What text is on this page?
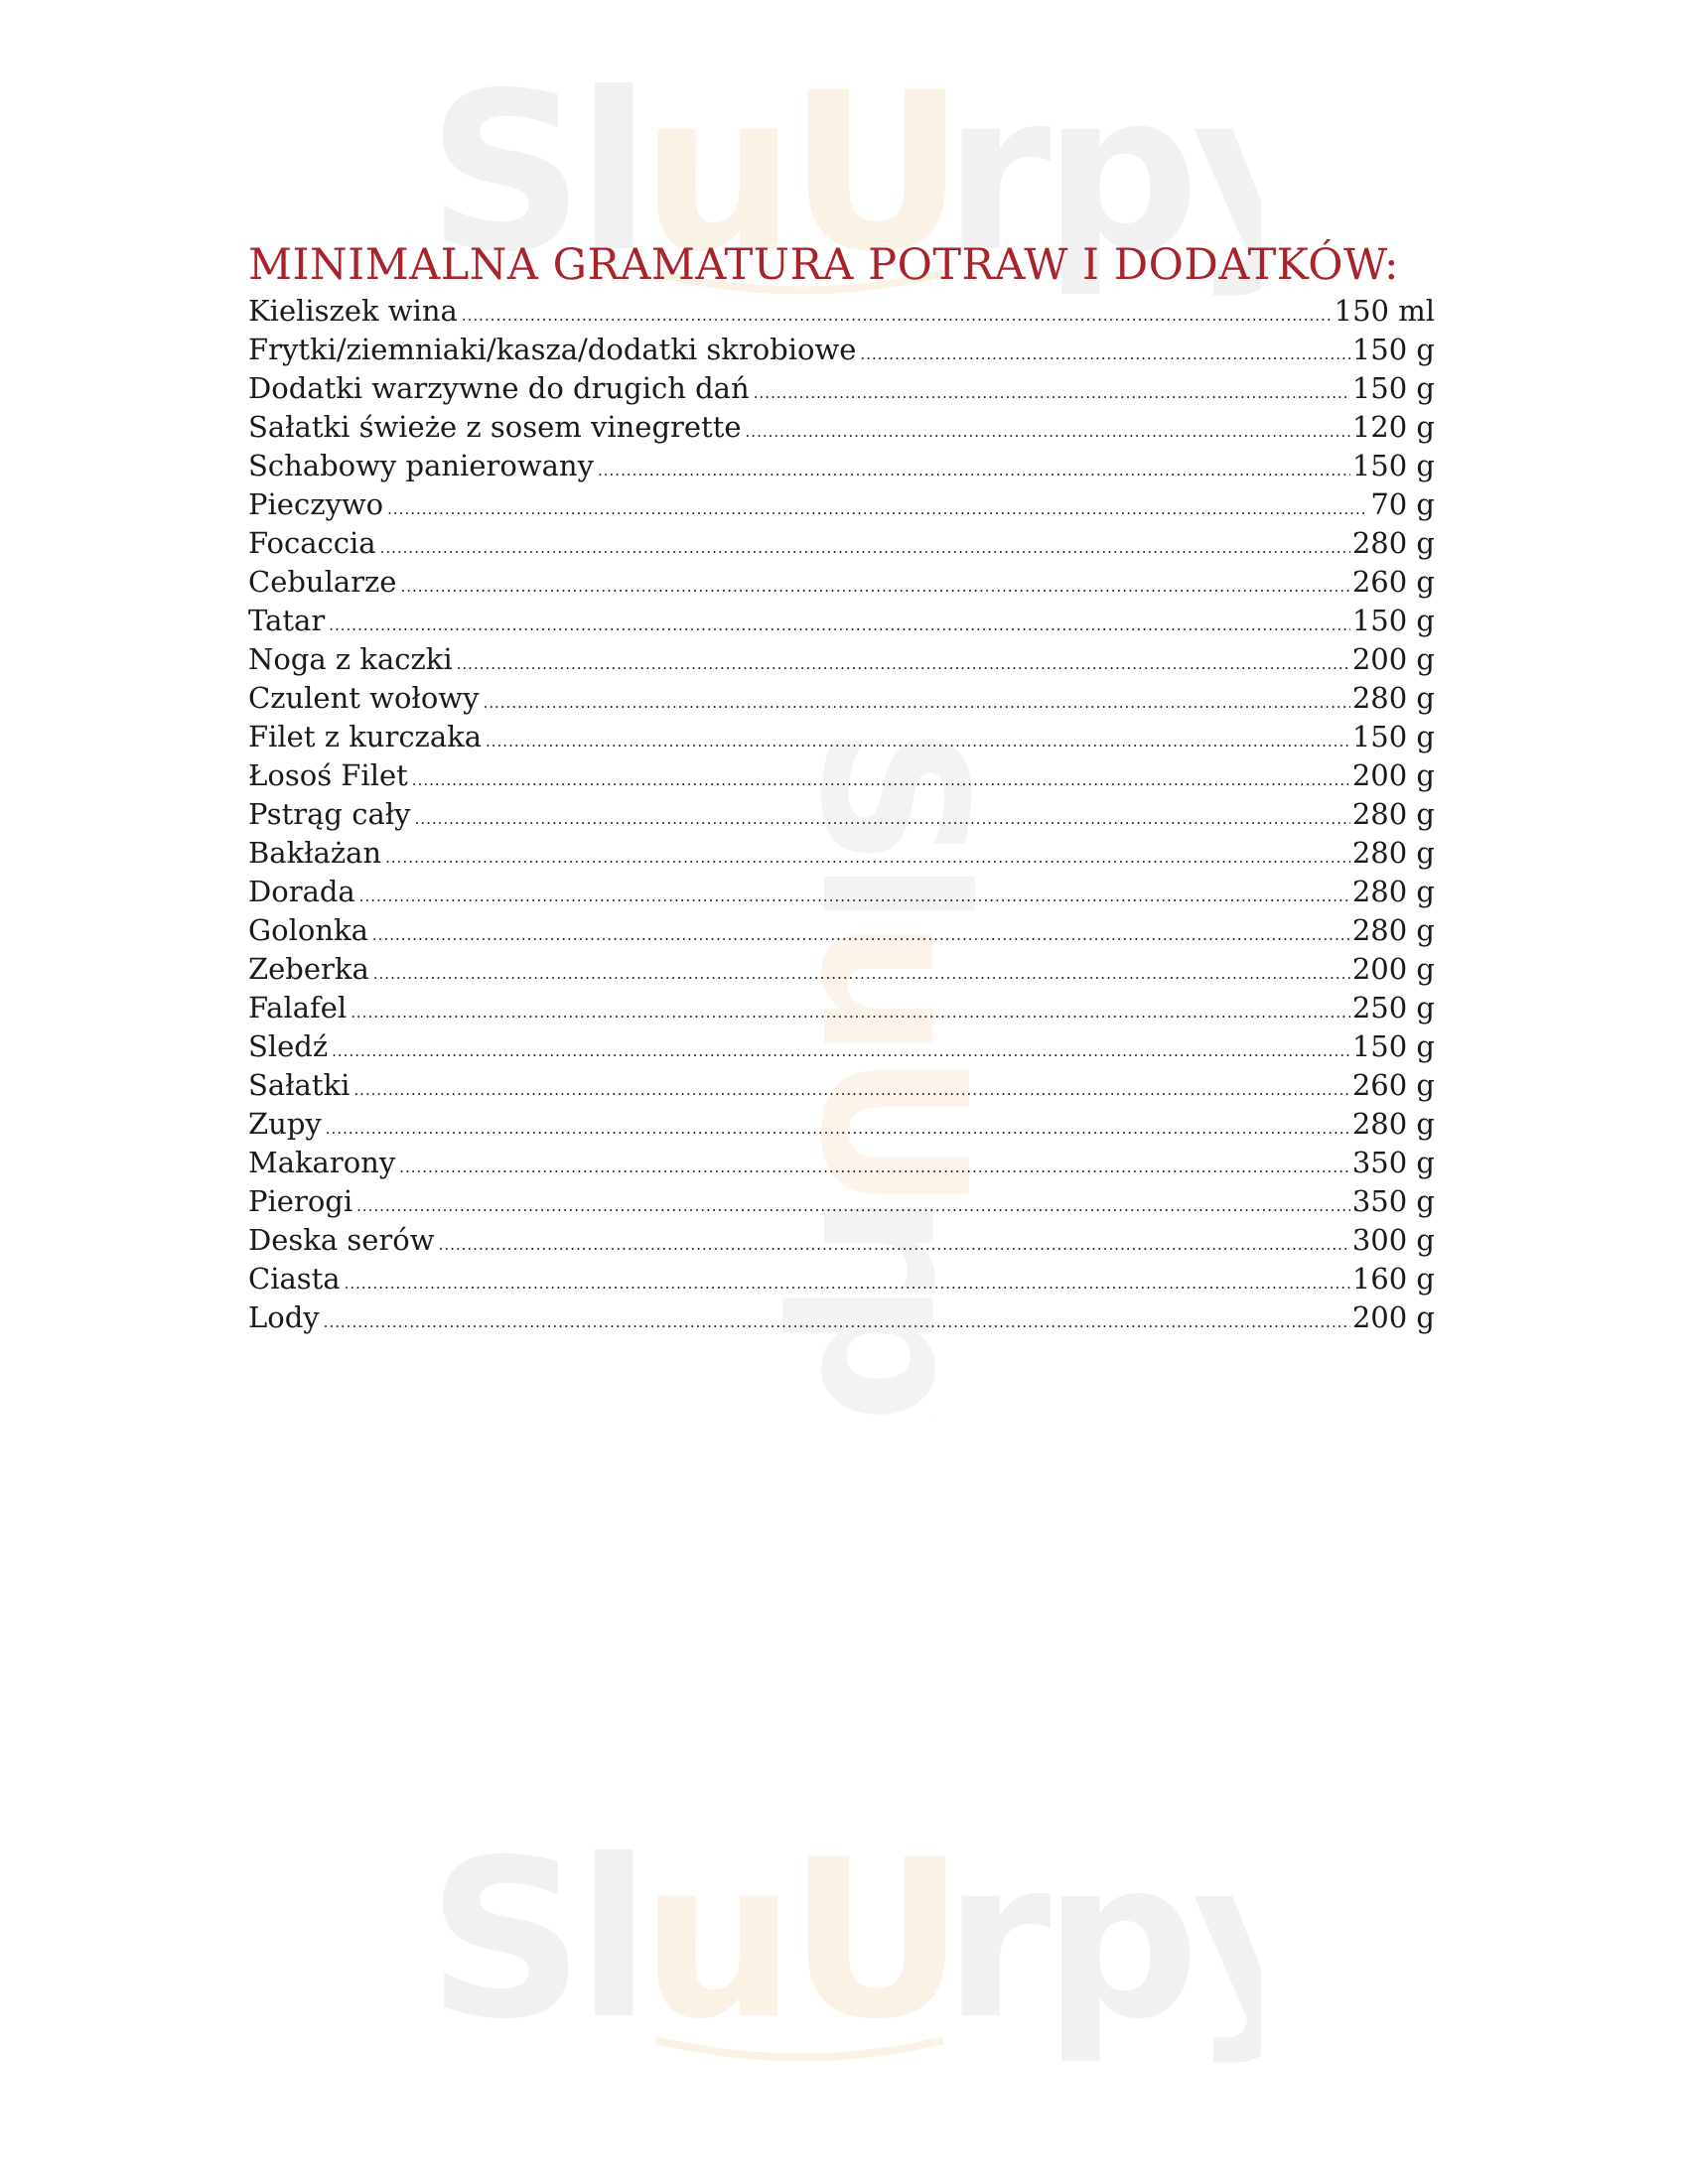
Sl
uU
rp
Sl
uU
rpy
Sl
uU
rp
MINIMALNA GRAMATURA POTRAW I DODATKÓW:
Kieliszek wina .....	150 ml
Frytki/ziemniaki/kasza/dodatki skrobiowe .....	150 g
Dodatki warzywne do drugich dań .....	150 g
Sałatki świeże z sosem vinegrette .....	120 g
Schabowy panierowany .....	150 g
Pieczywo .....	70 g
Focaccia .....	280 g
Cebularze .....	260 g
Tatar .....	150 g
Noga z kaczki .....	200 g
Czulent wołowy .....	280 g
Filet z kurczaka .....	150 g
Łosoś Filet .....	200 g
Pstrąg cały .....	280 g
Bakłażan .....	280 g
Dorada .....	280 g
Golonka .....	280 g
Zeberka .....	200 g
Falafel .....	250 g
Sledź .....	150 g
Sałatki .....	260 g
Zupy .....	280 g
Makarony .....	350 g
Pierogi .....	350 g
Deska serów .....	300 g
Ciasta .....	160 g
Lody .....	200 g
